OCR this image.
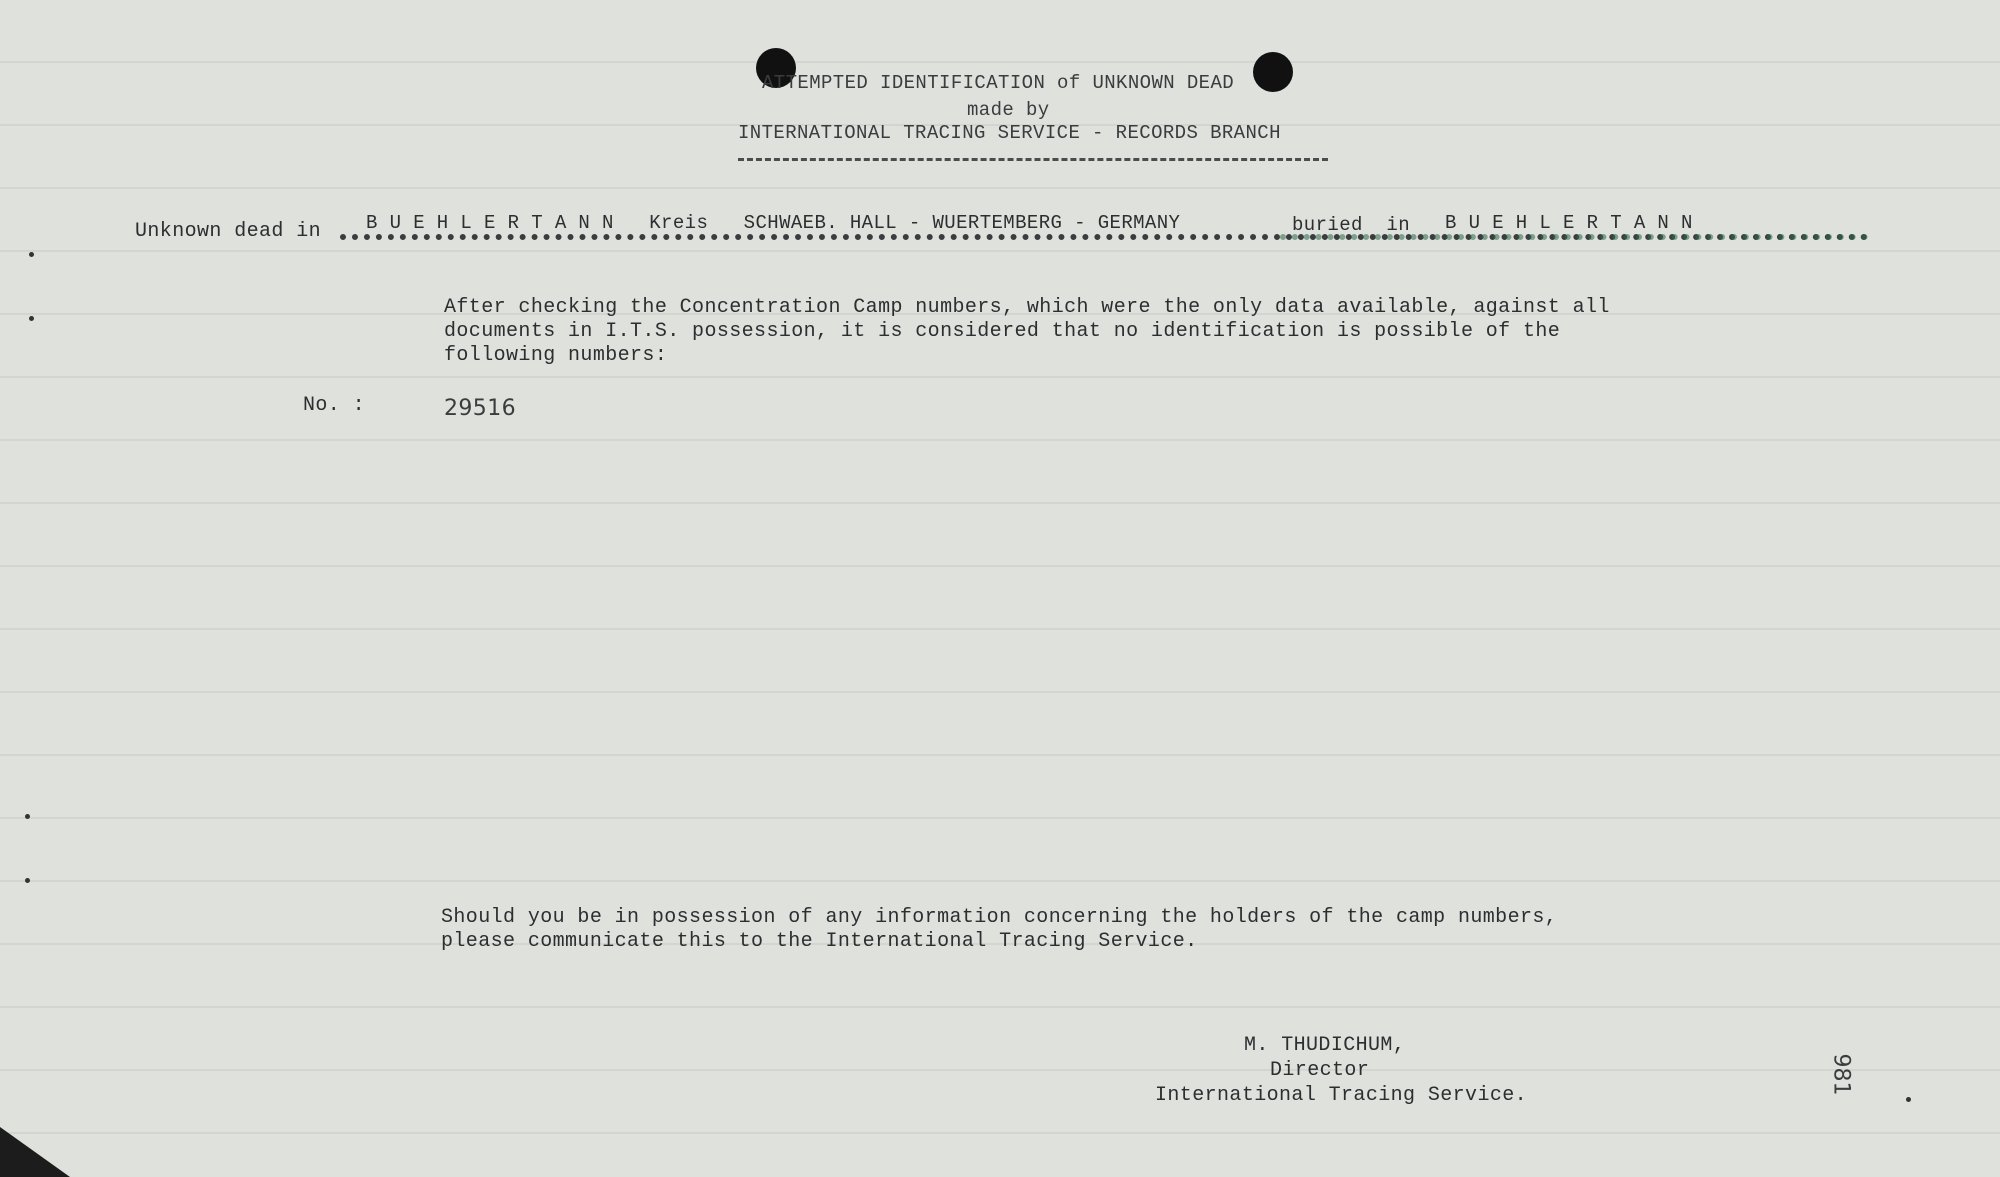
ATTEMPTED IDENTIFICATION of UNKNOWN DEAD
made by
INTERNATIONAL TRACING SERVICE - RECORDS BRANCH
Unknown dead in B U E H L E R T A N N   Kreis   SCHWAEB. HALL - WUERTEMBERG - GERMANY	buried  in B U E H L E R T A N N
After checking the Concentration Camp numbers, which were the only data available, against all
documents in I.T.S. possession, it is considered that no identification is possible of the
following numbers:
No. :	29516
Should you be in possession of any information concerning the holders of the camp numbers,
please communicate this to the International Tracing Service.
M. THUDICHUM,
Director
International Tracing Service.	981
